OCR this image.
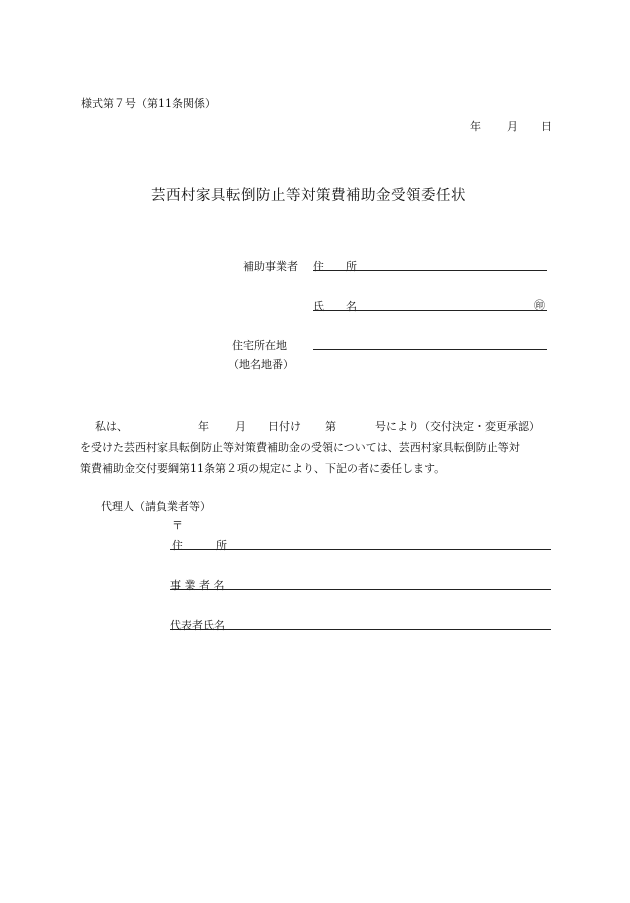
様式第７号（第11条関係）
年 月 日
芸西村家具転倒防止等対策費補助金受領委任状
補助事業者 住　　所
氏　　名	㊞
住宅所在地
（地名地番）
私は、	年 月 日付け 第	号により（交付決定・変更承認）
を受けた芸西村家具転倒防止等対策費補助金の受領については、芸西村家具転倒防止等対
策費補助金交付要綱第11条第２項の規定により、下記の者に委任します。
代理人（請負業者等）
〒
住　　　所
事 業 者 名
代表者氏名
